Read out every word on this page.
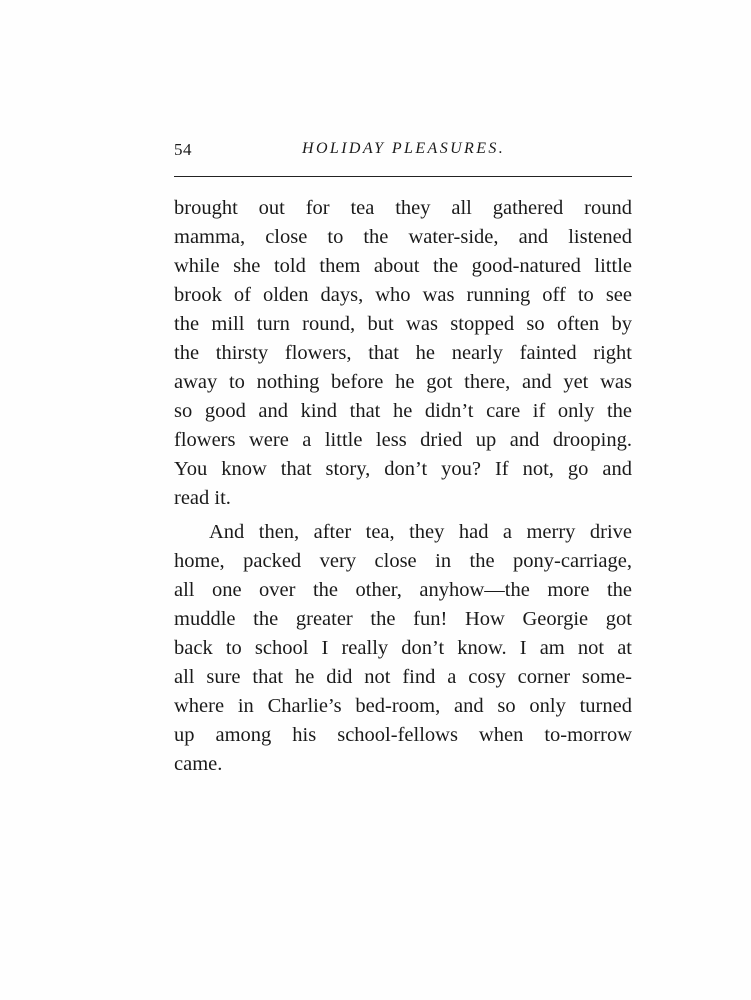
54	HOLIDAY PLEASURES.
brought out for tea they all gathered round
mamma, close to the water-side, and listened
while she told them about the good-natured little
brook of olden days, who was running off to see
the mill turn round, but was stopped so often by
the thirsty flowers, that he nearly fainted right
away to nothing before he got there, and yet was
so good and kind that he didn’t care if only the
flowers were a little less dried up and drooping.
You know that story, don’t you? If not, go and
read it.
And then, after tea, they had a merry drive
home, packed very close in the pony-carriage,
all one over the other, anyhow—the more the
muddle the greater the fun! How Georgie got
back to school I really don’t know. I am not at
all sure that he did not find a cosy corner some-
where in Charlie’s bed-room, and so only turned
up among his school-fellows when to-morrow
came.
